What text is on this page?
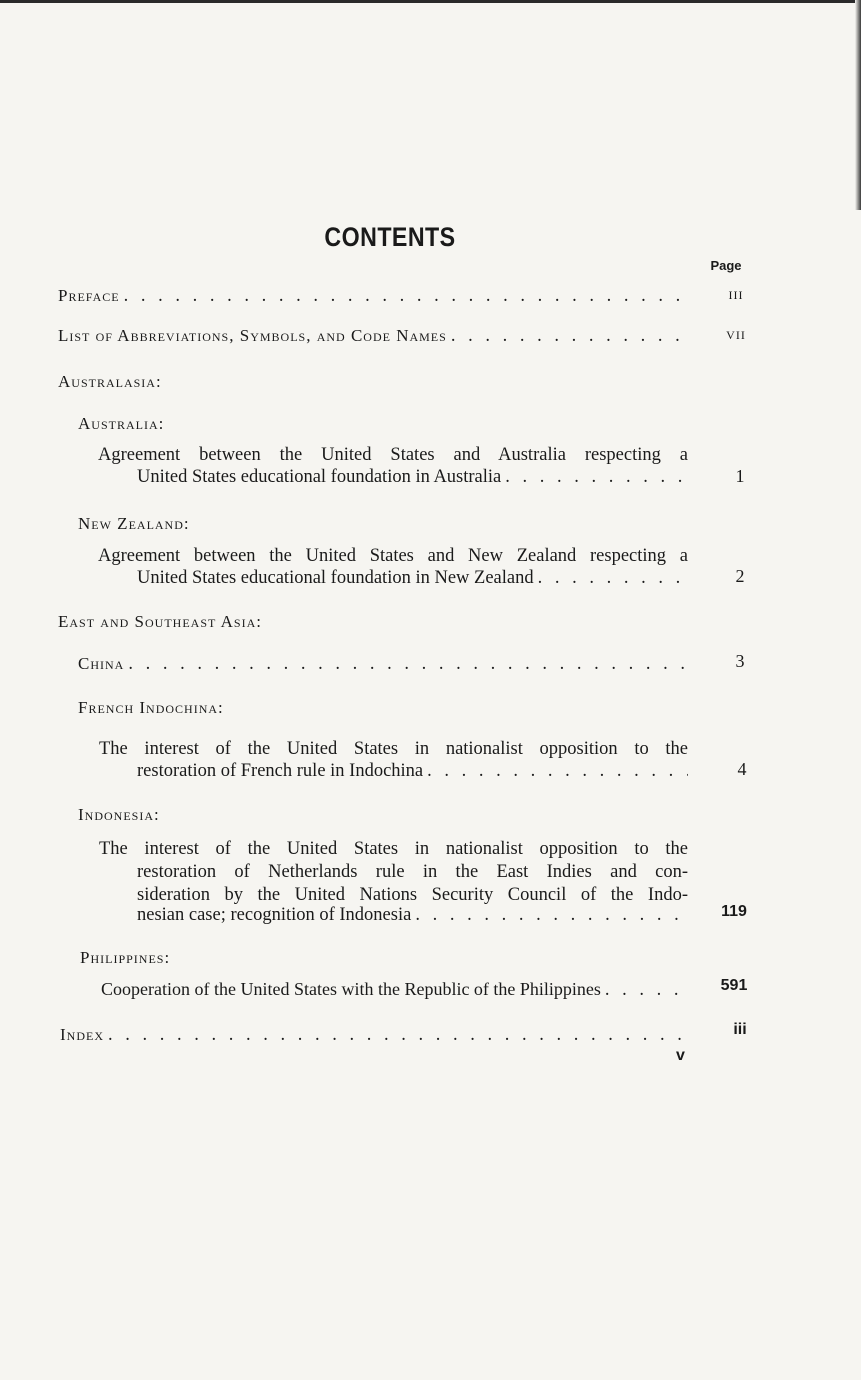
CONTENTS
Page
Preface . . .	iii
List of Abbreviations, Symbols, and Code Names . . .	vii
Australasia:
Australia:
Agreement between the United States and Australia respecting a
United States educational foundation in Australia . . .	1
New Zealand:
Agreement between the United States and New Zealand respecting a
United States educational foundation in New Zealand . . .	2
East and Southeast Asia:
China . . .	3
French Indochina:
The interest of the United States in nationalist opposition to the
restoration of French rule in Indochina . . .	4
Indonesia:
The interest of the United States in nationalist opposition to the
restoration of Netherlands rule in the East Indies and con-
sideration by the United Nations Security Council of the Indo-
nesian case; recognition of Indonesia . . .	119
Philippines:
Cooperation of the United States with the Republic of the Philippines . . .	591
Index . . .	iii
v
